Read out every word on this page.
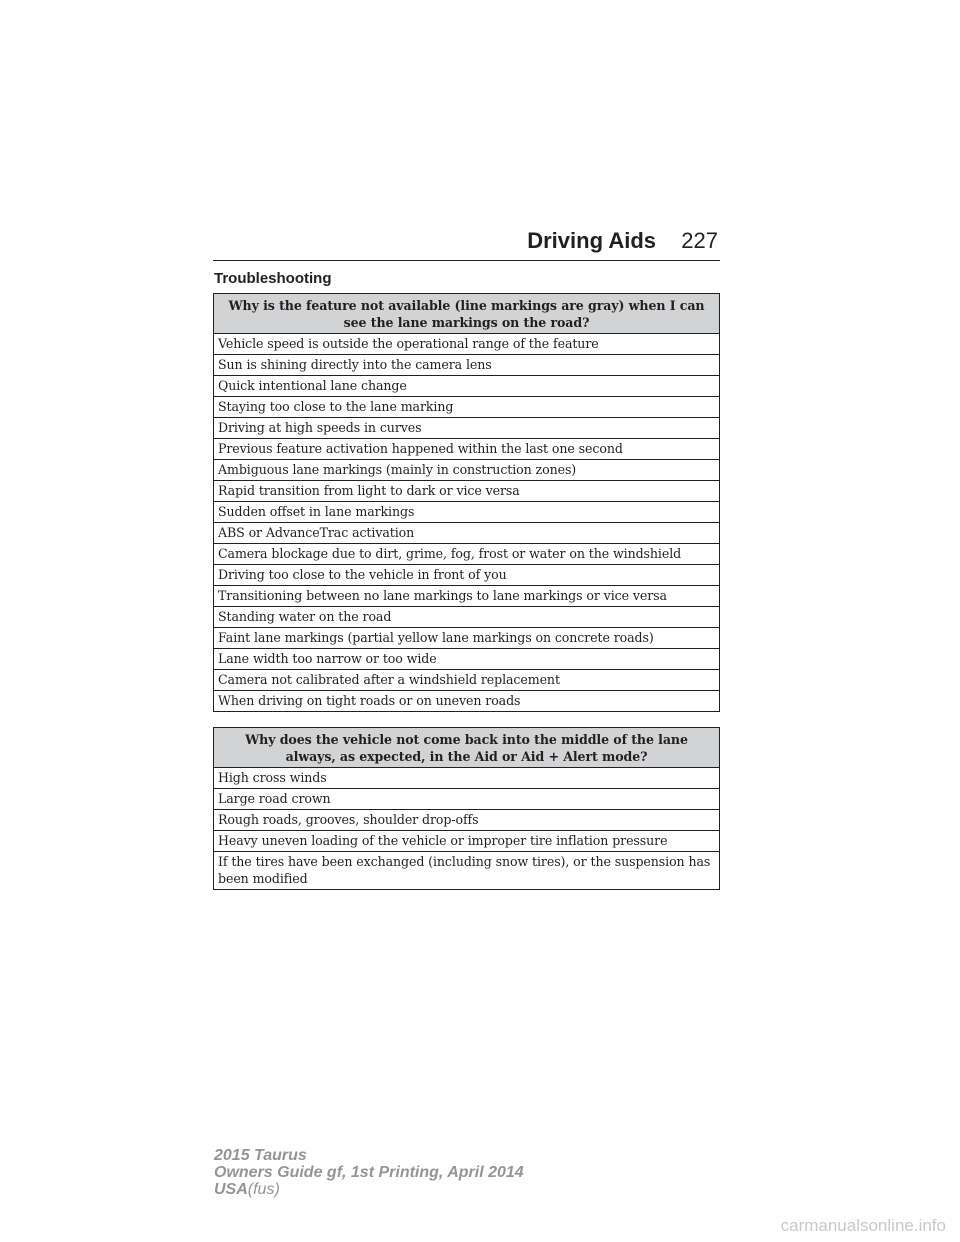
Driving Aids 227
Troubleshooting
Why is the feature not available (line markings are gray) when I can see the lane markings on the road?
Vehicle speed is outside the operational range of the feature
Sun is shining directly into the camera lens
Quick intentional lane change
Staying too close to the lane marking
Driving at high speeds in curves
Previous feature activation happened within the last one second
Ambiguous lane markings (mainly in construction zones)
Rapid transition from light to dark or vice versa
Sudden offset in lane markings
ABS or AdvanceTrac activation
Camera blockage due to dirt, grime, fog, frost or water on the windshield
Driving too close to the vehicle in front of you
Transitioning between no lane markings to lane markings or vice versa
Standing water on the road
Faint lane markings (partial yellow lane markings on concrete roads)
Lane width too narrow or too wide
Camera not calibrated after a windshield replacement
When driving on tight roads or on uneven roads
Why does the vehicle not come back into the middle of the lane always, as expected, in the Aid or Aid + Alert mode?
High cross winds
Large road crown
Rough roads, grooves, shoulder drop-offs
Heavy uneven loading of the vehicle or improper tire inflation pressure
If the tires have been exchanged (including snow tires), or the suspension has been modified
2015 Taurus
Owners Guide gf, 1st Printing, April 2014
USA(fus)
carmanualsonline.info
